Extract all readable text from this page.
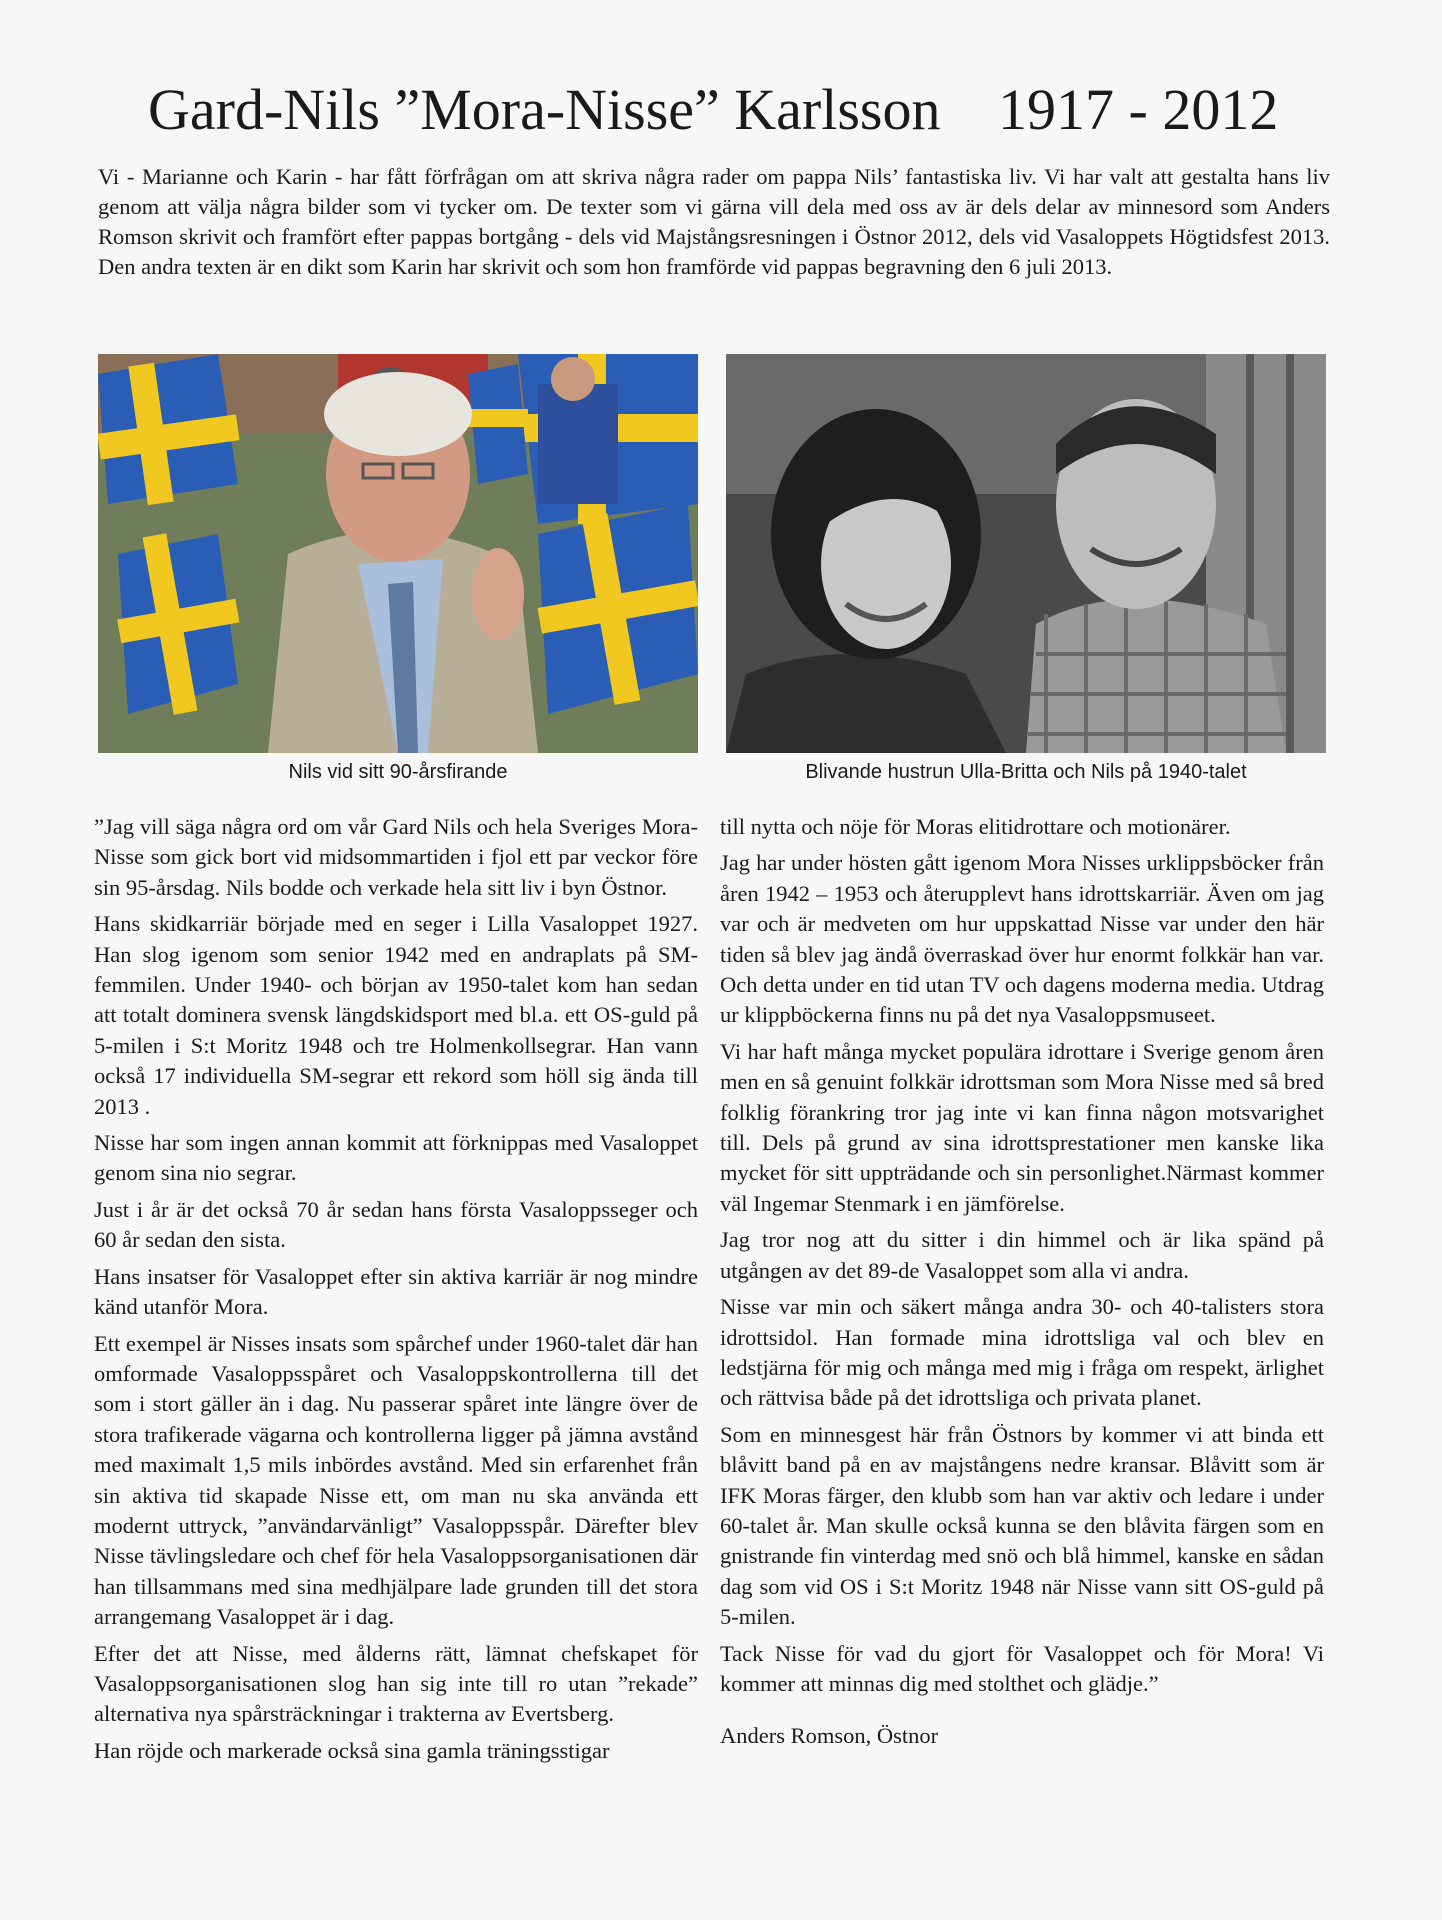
Gard-Nils ”Mora-Nisse” Karlsson 1917 - 2012
Vi - Marianne och Karin - har fått förfrågan om att skriva några rader om pappa Nils’ fantastiska liv. Vi har valt att gestalta hans liv genom att välja några bilder som vi tycker om. De texter som vi gärna vill dela med oss av är dels delar av minnesord som Anders Romson skrivit och framfört efter pappas bortgång - dels vid Majstångsresningen i Östnor 2012, dels vid Vasaloppets Högtidsfest 2013. Den andra texten är en dikt som Karin har skrivit och som hon framförde vid pappas begravning den 6 juli 2013.
Nils vid sitt 90-årsfirande	Blivande hustrun Ulla-Britta och Nils på 1940-talet

”Jag vill säga några ord om vår Gard Nils och hela Sveriges Mora-Nisse som gick bort vid midsommartiden i fjol ett par veckor före sin 95-årsdag. Nils bodde och verkade hela sitt liv i byn Östnor.

Hans skidkarriär började med en seger i Lilla Vasaloppet 1927. Han slog igenom som senior 1942 med en andraplats på SM-femmilen. Under 1940- och början av 1950-talet kom han sedan att totalt dominera svensk längdskidsport med bl.a. ett OS-guld på 5-milen i S:t Moritz 1948 och tre Holmenkollsegrar. Han vann också 17 individuella SM-segrar ett rekord som höll sig ända till 2013 .

Nisse har som ingen annan kommit att förknippas med Vasaloppet genom sina nio segrar.

Just i år är det också 70 år sedan hans första Vasaloppsseger och 60 år sedan den sista.

Hans insatser för Vasaloppet efter sin aktiva karriär är nog mindre känd utanför Mora.

Ett exempel är Nisses insats som spårchef under 1960-talet där han omformade Vasaloppsspåret och Vasaloppskontrollerna till det som i stort gäller än i dag. Nu passerar spåret inte längre över de stora trafikerade vägarna och kontrollerna ligger på jämna avstånd med maximalt 1,5 mils inbördes avstånd. Med sin erfarenhet från sin aktiva tid skapade Nisse ett, om man nu ska använda ett modernt uttryck, ”användarvänligt” Vasaloppsspår. Därefter blev Nisse tävlingsledare och chef för hela Vasaloppsorganisationen där han tillsammans med sina medhjälpare lade grunden till det stora arrangemang Vasaloppet är i dag.

Efter det att Nisse, med ålderns rätt, lämnat chefskapet för Vasaloppsorganisationen slog han sig inte till ro utan ”rekade” alternativa nya spårsträckningar i trakterna av Evertsberg.

Han röjde och markerade också sina gamla träningsstigar

till nytta och nöje för Moras elitidrottare och motionärer.

Jag har under hösten gått igenom Mora Nisses urklippsböcker från åren 1942 – 1953 och återupplevt hans idrottskarriär. Även om jag var och är medveten om hur uppskattad Nisse var under den här tiden så blev jag ändå överraskad över hur enormt folkkär han var. Och detta under en tid utan TV och dagens moderna media. Utdrag ur klippböckerna finns nu på det nya Vasaloppsmuseet.

Vi har haft många mycket populära idrottare i Sverige genom åren men en så genuint folkkär idrottsman som Mora Nisse med så bred folklig förankring tror jag inte vi kan finna någon motsvarighet till. Dels på grund av sina idrottsprestationer men kanske lika mycket för sitt uppträdande och sin personlighet.Närmast kommer väl Ingemar Stenmark i en jämförelse.

Jag tror nog att du sitter i din himmel och är lika spänd på utgången av det 89-de Vasaloppet som alla vi andra.

Nisse var min och säkert många andra 30- och 40-talisters stora idrottsidol. Han formade mina idrottsliga val och blev en ledstjärna för mig och många med mig i fråga om respekt, ärlighet och rättvisa både på det idrottsliga och privata planet.

Som en minnesgest här från Östnors by kommer vi att binda ett blåvitt band på en av majstångens nedre kransar. Blåvitt som är IFK Moras färger, den klubb som han var aktiv och ledare i under 60-talet år. Man skulle också kunna se den blåvita färgen som en gnistrande fin vinterdag med snö och blå himmel, kanske en sådan dag som vid OS i S:t Moritz 1948 när Nisse vann sitt OS-guld på 5-milen.

Tack Nisse för vad du gjort för Vasaloppet och för Mora! Vi kommer att minnas dig med stolthet och glädje.”

Anders Romson, Östnor
